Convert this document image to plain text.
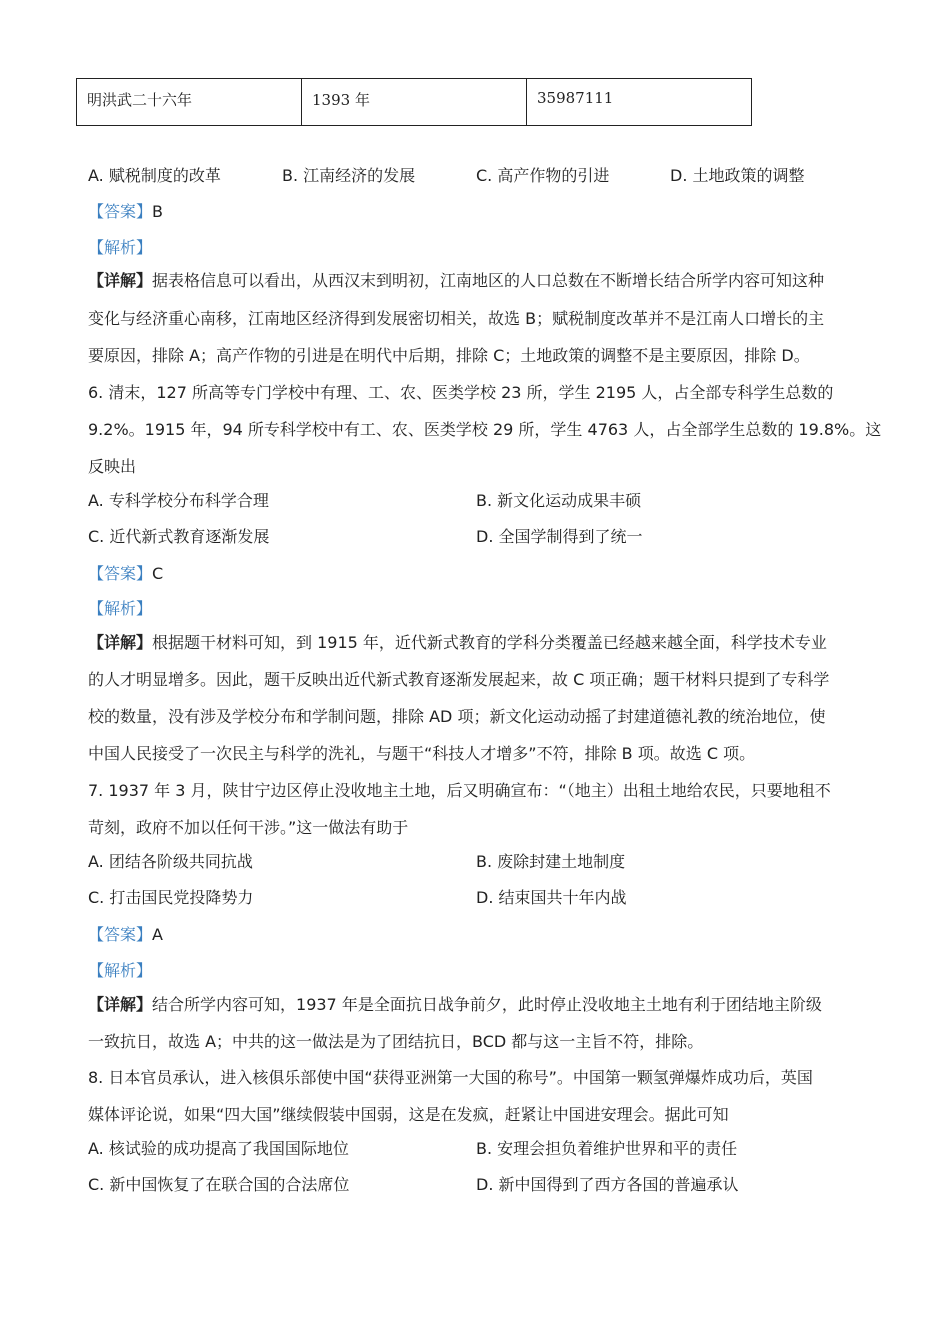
明洪武二十六年	1393 年	35987111
A. 赋税制度的改革	B. 江南经济的发展	C. 高产作物的引进	D. 土地政策的调整
【答案】B
【解析】
【详解】据表格信息可以看出，从西汉末到明初，江南地区的人口总数在不断增长结合所学内容可知这种
变化与经济重心南移，江南地区经济得到发展密切相关，故选 B；赋税制度改革并不是江南人口增长的主
要原因，排除 A；高产作物的引进是在明代中后期，排除 C；土地政策的调整不是主要原因，排除 D。
6. 清末，127 所高等专门学校中有理、工、农、医类学校 23 所，学生 2195 人，占全部专科学生总数的
9.2%。1915 年，94 所专科学校中有工、农、医类学校 29 所，学生 4763 人，占全部学生总数的 19.8%。这
反映出
A. 专科学校分布科学合理	B. 新文化运动成果丰硕
C. 近代新式教育逐渐发展	D. 全国学制得到了统一
【答案】C
【解析】
【详解】根据题干材料可知，到 1915 年，近代新式教育的学科分类覆盖已经越来越全面，科学技术专业
的人才明显增多。因此，题干反映出近代新式教育逐渐发展起来，故 C 项正确；题干材料只提到了专科学
校的数量，没有涉及学校分布和学制问题，排除 AD 项；新文化运动动摇了封建道德礼教的统治地位，使
中国人民接受了一次民主与科学的洗礼，与题干“科技人才增多”不符，排除 B 项。故选 C 项。
7. 1937 年 3 月，陕甘宁边区停止没收地主土地，后又明确宣布：“（地主）出租土地给农民，只要地租不
苛刻，政府不加以任何干涉。”这一做法有助于
A. 团结各阶级共同抗战	B. 废除封建土地制度
C. 打击国民党投降势力	D. 结束国共十年内战
【答案】A
【解析】
【详解】结合所学内容可知，1937 年是全面抗日战争前夕，此时停止没收地主土地有利于团结地主阶级
一致抗日，故选 A；中共的这一做法是为了团结抗日，BCD 都与这一主旨不符，排除。
8. 日本官员承认，进入核俱乐部使中国“获得亚洲第一大国的称号”。中国第一颗氢弹爆炸成功后，英国
媒体评论说，如果“四大国”继续假装中国弱，这是在发疯，赶紧让中国进安理会。据此可知
A. 核试验的成功提高了我国国际地位	B. 安理会担负着维护世界和平的责任
C. 新中国恢复了在联合国的合法席位	D. 新中国得到了西方各国的普遍承认
